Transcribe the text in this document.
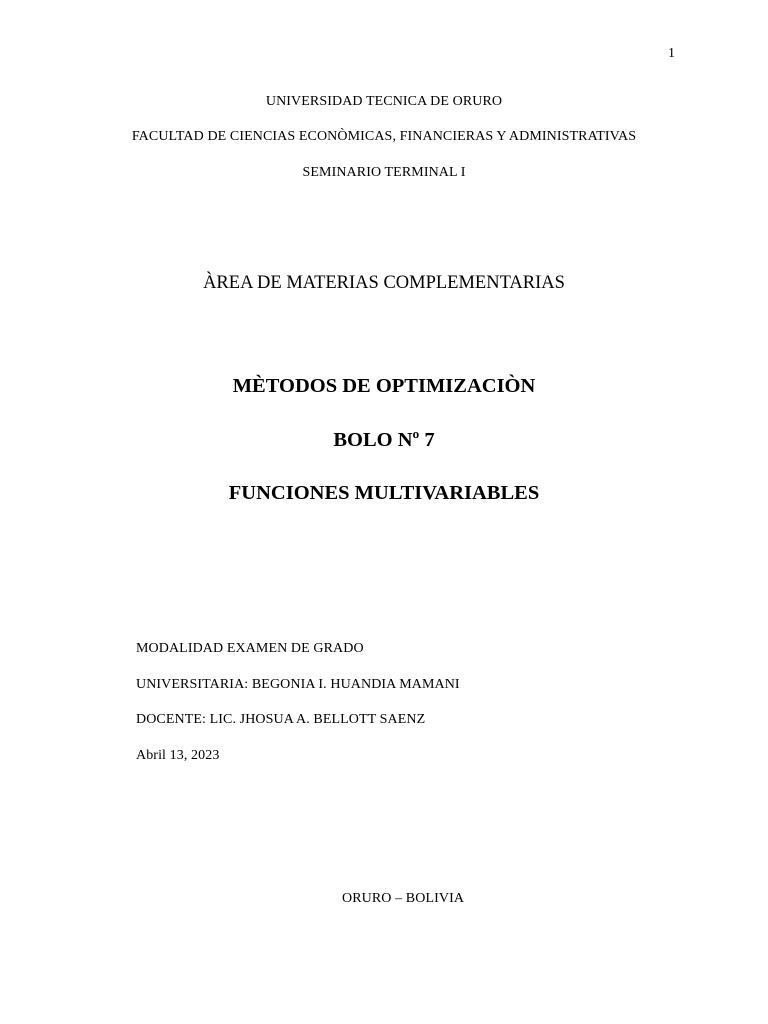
1
UNIVERSIDAD TECNICA DE ORURO
FACULTAD DE CIENCIAS ECONÒMICAS, FINANCIERAS Y ADMINISTRATIVAS
SEMINARIO TERMINAL I
ÀREA DE MATERIAS COMPLEMENTARIAS
MÈTODOS DE OPTIMIZACIÒN
BOLO Nº 7
FUNCIONES MULTIVARIABLES
MODALIDAD EXAMEN DE GRADO
UNIVERSITARIA: BEGONIA I. HUANDIA MAMANI
DOCENTE: LIC. JHOSUA A. BELLOTT SAENZ
Abril 13, 2023
ORURO – BOLIVIA
